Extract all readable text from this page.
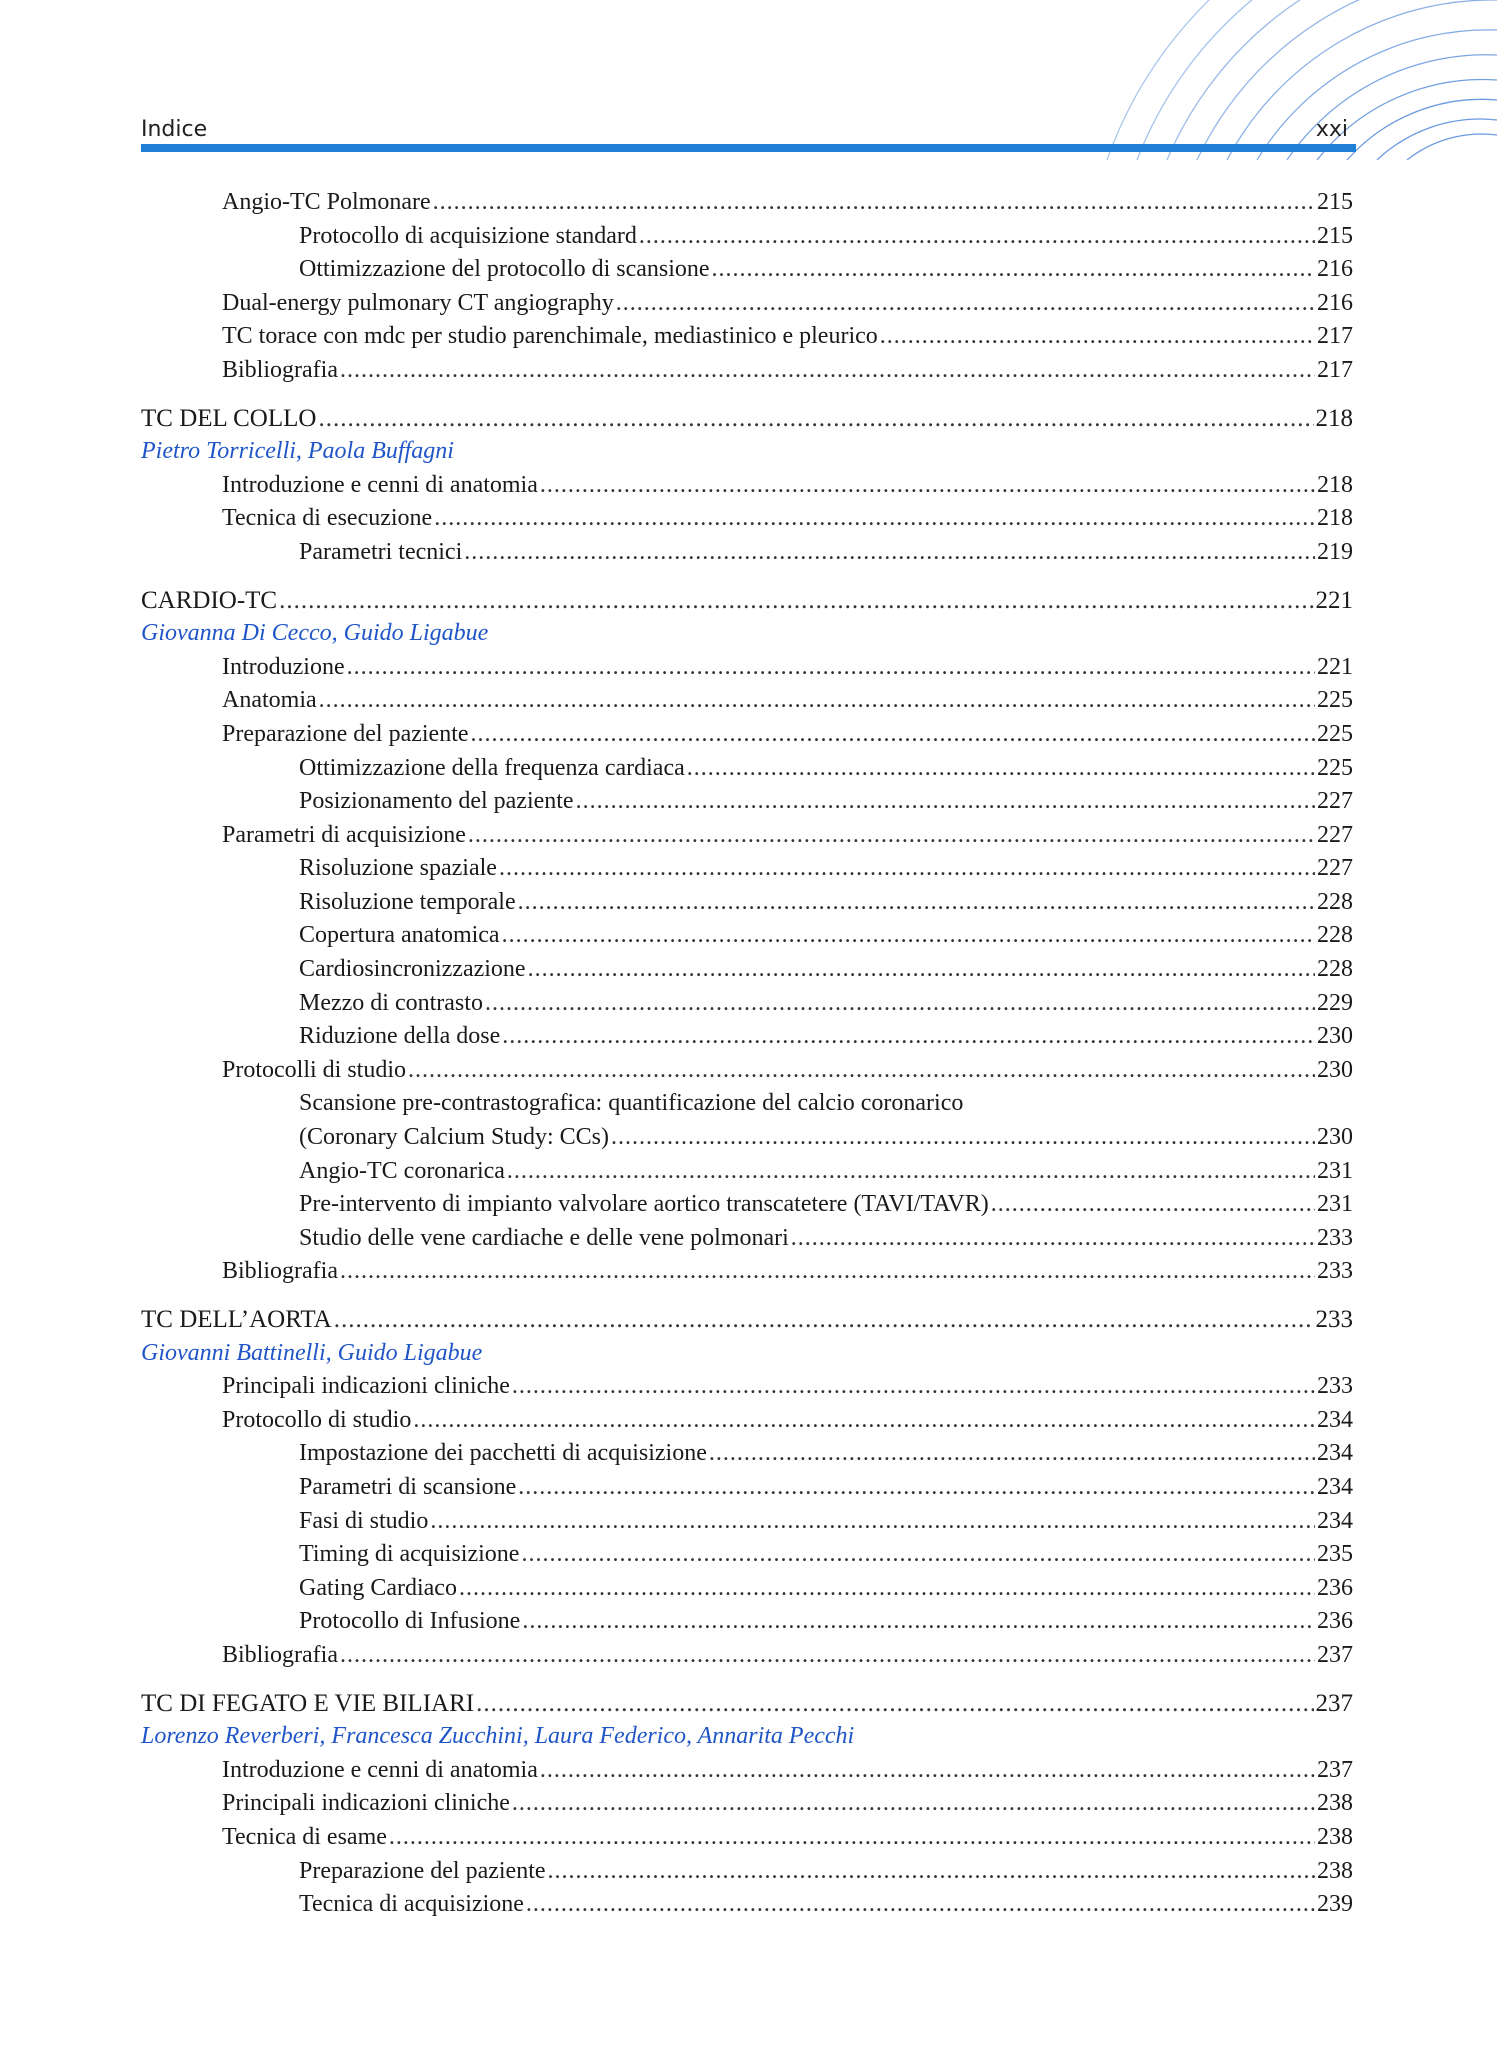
Indice	xxi
Angio-TC Polmonare .....	215
Protocollo di acquisizione standard .....	215
Ottimizzazione del protocollo di scansione .....	216
Dual-energy pulmonary CT angiography .....	216
TC torace con mdc per studio parenchimale, mediastinico e pleurico .....	217
Bibliografia .....	217
TC DEL COLLO .....	218
Pietro Torricelli, Paola Buffagni
Introduzione e cenni di anatomia .....	218
Tecnica di esecuzione .....	218
Parametri tecnici .....	219
CARDIO-TC .....	221
Giovanna Di Cecco, Guido Ligabue
Introduzione .....	221
Anatomia .....	225
Preparazione del paziente .....	225
Ottimizzazione della frequenza cardiaca .....	225
Posizionamento del paziente .....	227
Parametri di acquisizione .....	227
Risoluzione spaziale .....	227
Risoluzione temporale .....	228
Copertura anatomica .....	228
Cardiosincronizzazione .....	228
Mezzo di contrasto .....	229
Riduzione della dose .....	230
Protocolli di studio .....	230
Scansione pre-contrastografica: quantificazione del calcio coronarico
(Coronary Calcium Study: CCs) .....	230
Angio-TC coronarica .....	231
Pre-intervento di impianto valvolare aortico transcatetere (TAVI/TAVR) .....	231
Studio delle vene cardiache e delle vene polmonari .....	233
Bibliografia .....	233
TC DELL’AORTA .....	233
Giovanni Battinelli, Guido Ligabue
Principali indicazioni cliniche .....	233
Protocollo di studio .....	234
Impostazione dei pacchetti di acquisizione .....	234
Parametri di scansione .....	234
Fasi di studio .....	234
Timing di acquisizione .....	235
Gating Cardiaco .....	236
Protocollo di Infusione .....	236
Bibliografia .....	237
TC DI FEGATO E VIE BILIARI .....	237
Lorenzo Reverberi, Francesca Zucchini, Laura Federico, Annarita Pecchi
Introduzione e cenni di anatomia .....	237
Principali indicazioni cliniche .....	238
Tecnica di esame .....	238
Preparazione del paziente .....	238
Tecnica di acquisizione .....	239
